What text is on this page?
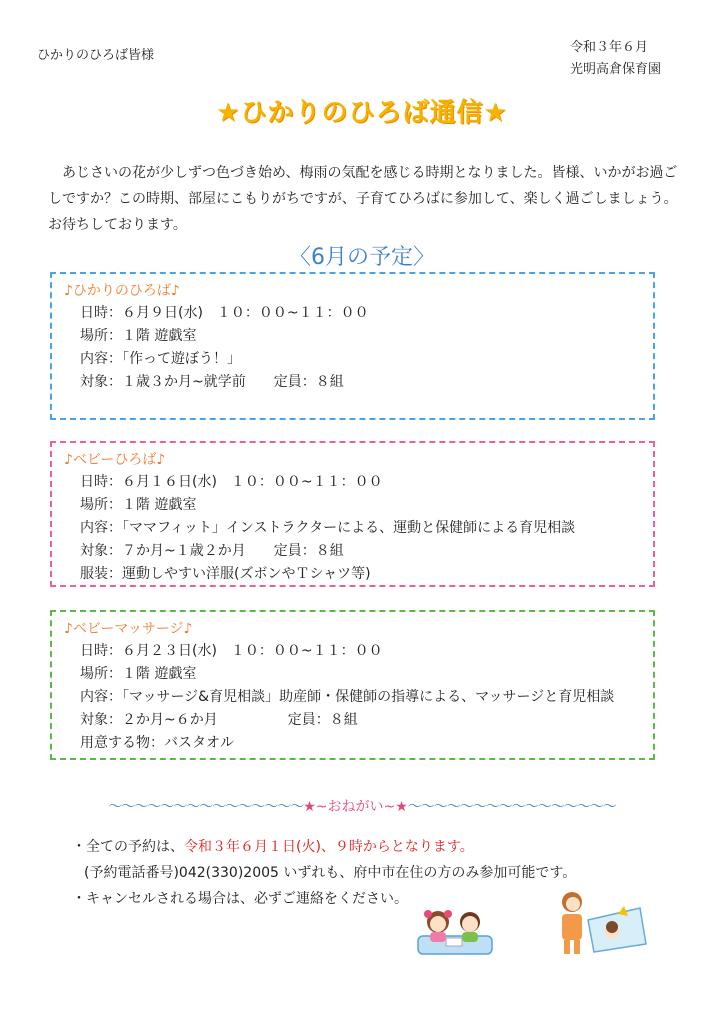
ひかりのひろば皆様
令和３年６月
光明高倉保育園
★ひかりのひろば通信★
あじさいの花が少しずつ色づき始め、梅雨の気配を感じる時期となりました。皆様、いかがお過ごしですか？この時期、部屋にこもりがちですが、子育てひろばに参加して、楽しく過ごしましょう。お待ちしております。
〈6月の予定〉
♪ひかりのひろば♪
日時：６月９日(水)　１０：００~１１：００
場所：１階 遊戯室
内容：「作って遊ぼう！」
対象：１歳３か月~就学前　　定員：８組
♪ベビーひろば♪
日時：６月１６日(水)　１０：００~１１：００
場所：１階 遊戯室
内容：「ママフィット」インストラクターによる、運動と保健師による育児相談
対象：７か月~１歳２か月　　定員：８組
服装：運動しやすい洋服(ズボンやＴシャツ等)
♪ベビーマッサージ♪
日時：６月２３日(水)　１０：００~１１：００
場所：１階 遊戯室
内容：「マッサージ&育児相談」助産師・保健師の指導による、マッサージと育児相談
対象：２か月~６か月　　　　　定員：８組
用意する物：バスタオル
〜〜〜〜〜〜〜〜〜〜〜〜〜〜〜★~おねがい~★〜〜〜〜〜〜〜〜〜〜〜〜〜〜〜〜
・全ての予約は、令和３年６月１日(火)、９時からとなります。
(予約電話番号)042(330)2005 いずれも、府中市在住の方のみ参加可能です。
・キャンセルされる場合は、必ずご連絡をください。
